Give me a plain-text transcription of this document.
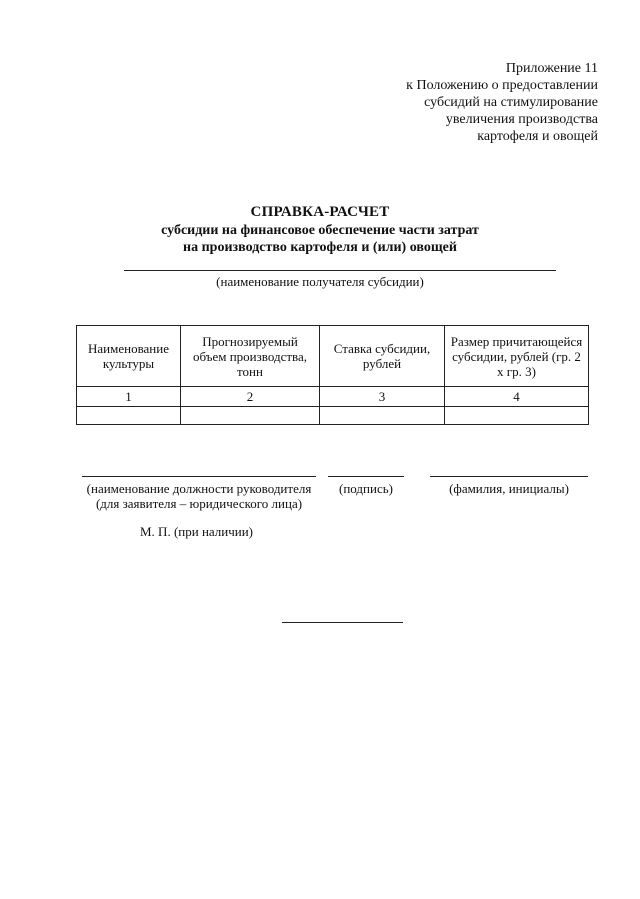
Приложение 11
к Положению о предоставлении
субсидий на стимулирование
увеличения производства
картофеля и овощей
СПРАВКА-РАСЧЕТ
субсидии на финансовое обеспечение части затрат
на производство картофеля и (или) овощей
(наименование получателя субсидии)
Наименование культуры	Прогнозируемый объем производства, тонн	Ставка субсидии, рублей	Размер причитающейся субсидии, рублей (гр. 2 х гр. 3)
1	2	3	4

(наименование должности руководителя
(для заявителя – юридического лица)
(подпись)	(фамилия, инициалы)
М. П. (при наличии)
